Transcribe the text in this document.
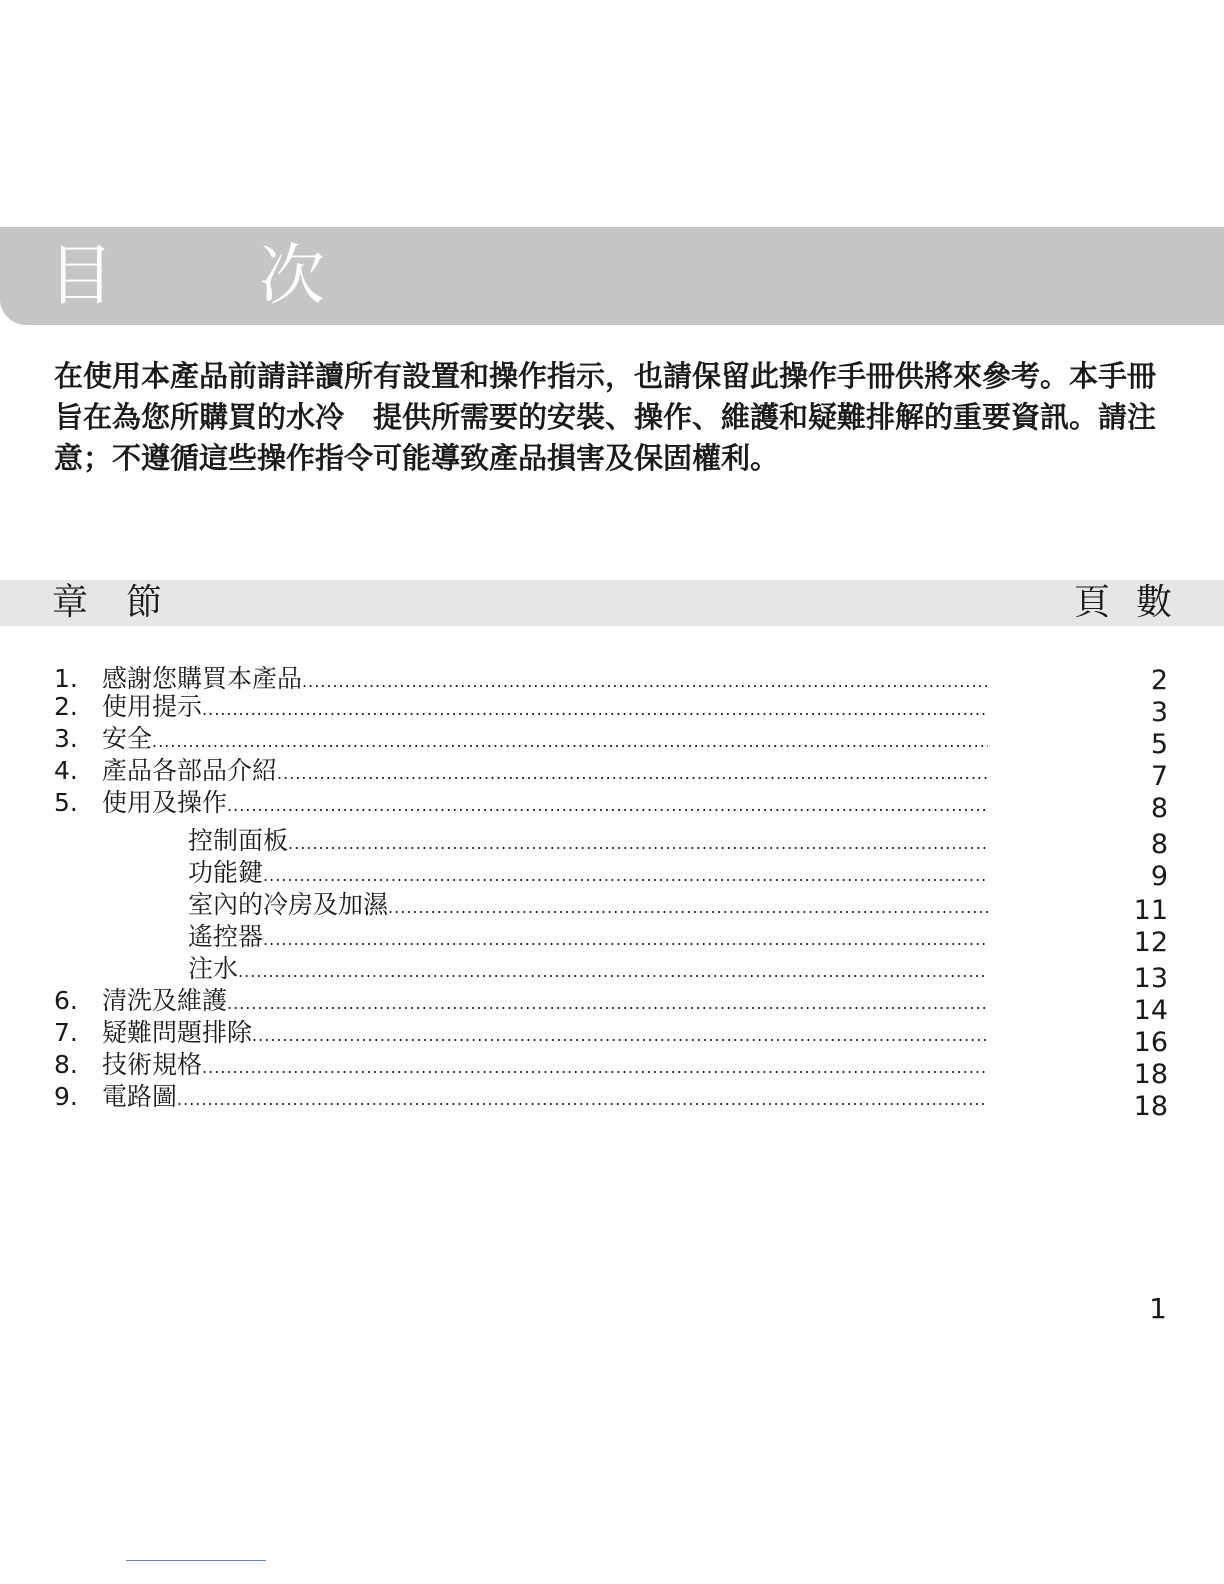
目 次

在使用本產品前請詳讀所有設置和操作指示，也請保留此操作手冊供將來參考。本手冊旨在為您所購買的水冷　提供所需要的安裝、操作、維護和疑難排解的重要資訊。請注意；不遵循這些操作指令可能導致產品損害及保固權利。

章節	頁數
1. 感謝您購買本產品 .....	2
2. 使用提示 .....	3
3. 安全 .....	5
4. 產品各部品介紹 .....	7
5. 使用及操作 .....	8
控制面板 .....	8
功能鍵 .....	9
室內的冷房及加濕 .....	11
遙控器 .....	12
注水 .....	13
6. 清洗及維護 .....	14
7. 疑難問題排除 .....	16
8. 技術規格 .....	18
9. 電路圖 .....	18
1
